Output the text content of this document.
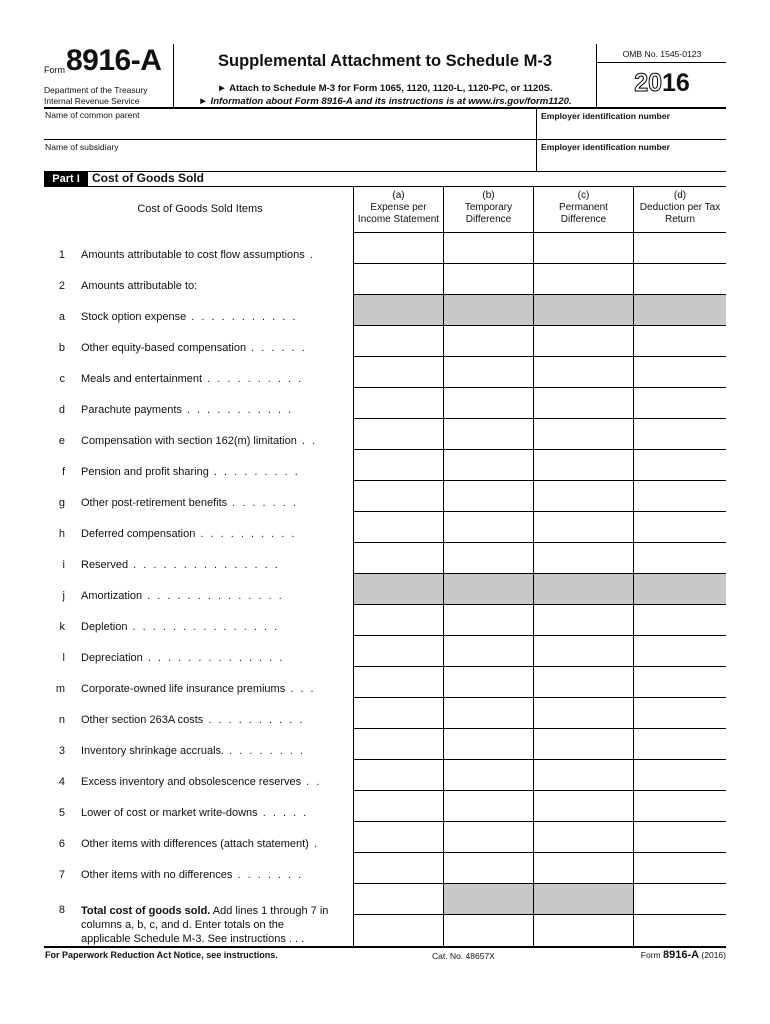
Form 8916-A
Department of the Treasury
Internal Revenue Service
Supplemental Attachment to Schedule M-3
► Attach to Schedule M-3 for Form 1065, 1120, 1120-L, 1120-PC, or 1120S.
► Information about Form 8916-A and its instructions is at www.irs.gov/form1120.
OMB No. 1545-0123
2016
Name of common parent	Employer identification number
Name of subsidiary	Employer identification number
Part I	Cost of Goods Sold
Cost of Goods Sold Items
(a)
Expense per
Income Statement
(b)
Temporary
Difference
(c)
Permanent
Difference
(d)
Deduction per Tax
Return
1 Amounts attributable to cost flow assumptions .
2 Amounts attributable to:
a Stock option expense . . . . . . . . . . .
b Other equity-based compensation . . . . . .
c Meals and entertainment . . . . . . . . . .
d Parachute payments . . . . . . . . . . .
e Compensation with section 162(m) limitation . .
f Pension and profit sharing . . . . . . . . .
g Other post-retirement benefits . . . . . . .
h Deferred compensation . . . . . . . . . .
i Reserved . . . . . . . . . . . . . . .
j Amortization . . . . . . . . . . . . . .
k Depletion . . . . . . . . . . . . . . .
l Depreciation . . . . . . . . . . . . . .
m Corporate-owned life insurance premiums . . .
n Other section 263A costs . . . . . . . . . .
3 Inventory shrinkage accruals. . . . . . . . .
4 Excess inventory and obsolescence reserves . .
5 Lower of cost or market write-downs . . . . .
6 Other items with differences (attach statement) .
7 Other items with no differences . . . . . . .
8 Total cost of goods sold. Add lines 1 through 7 in
columns a, b, c, and d. Enter totals on the
applicable Schedule M-3. See instructions . . .
For Paperwork Reduction Act Notice, see instructions.	Cat. No. 48657X	Form 8916-A (2016)
